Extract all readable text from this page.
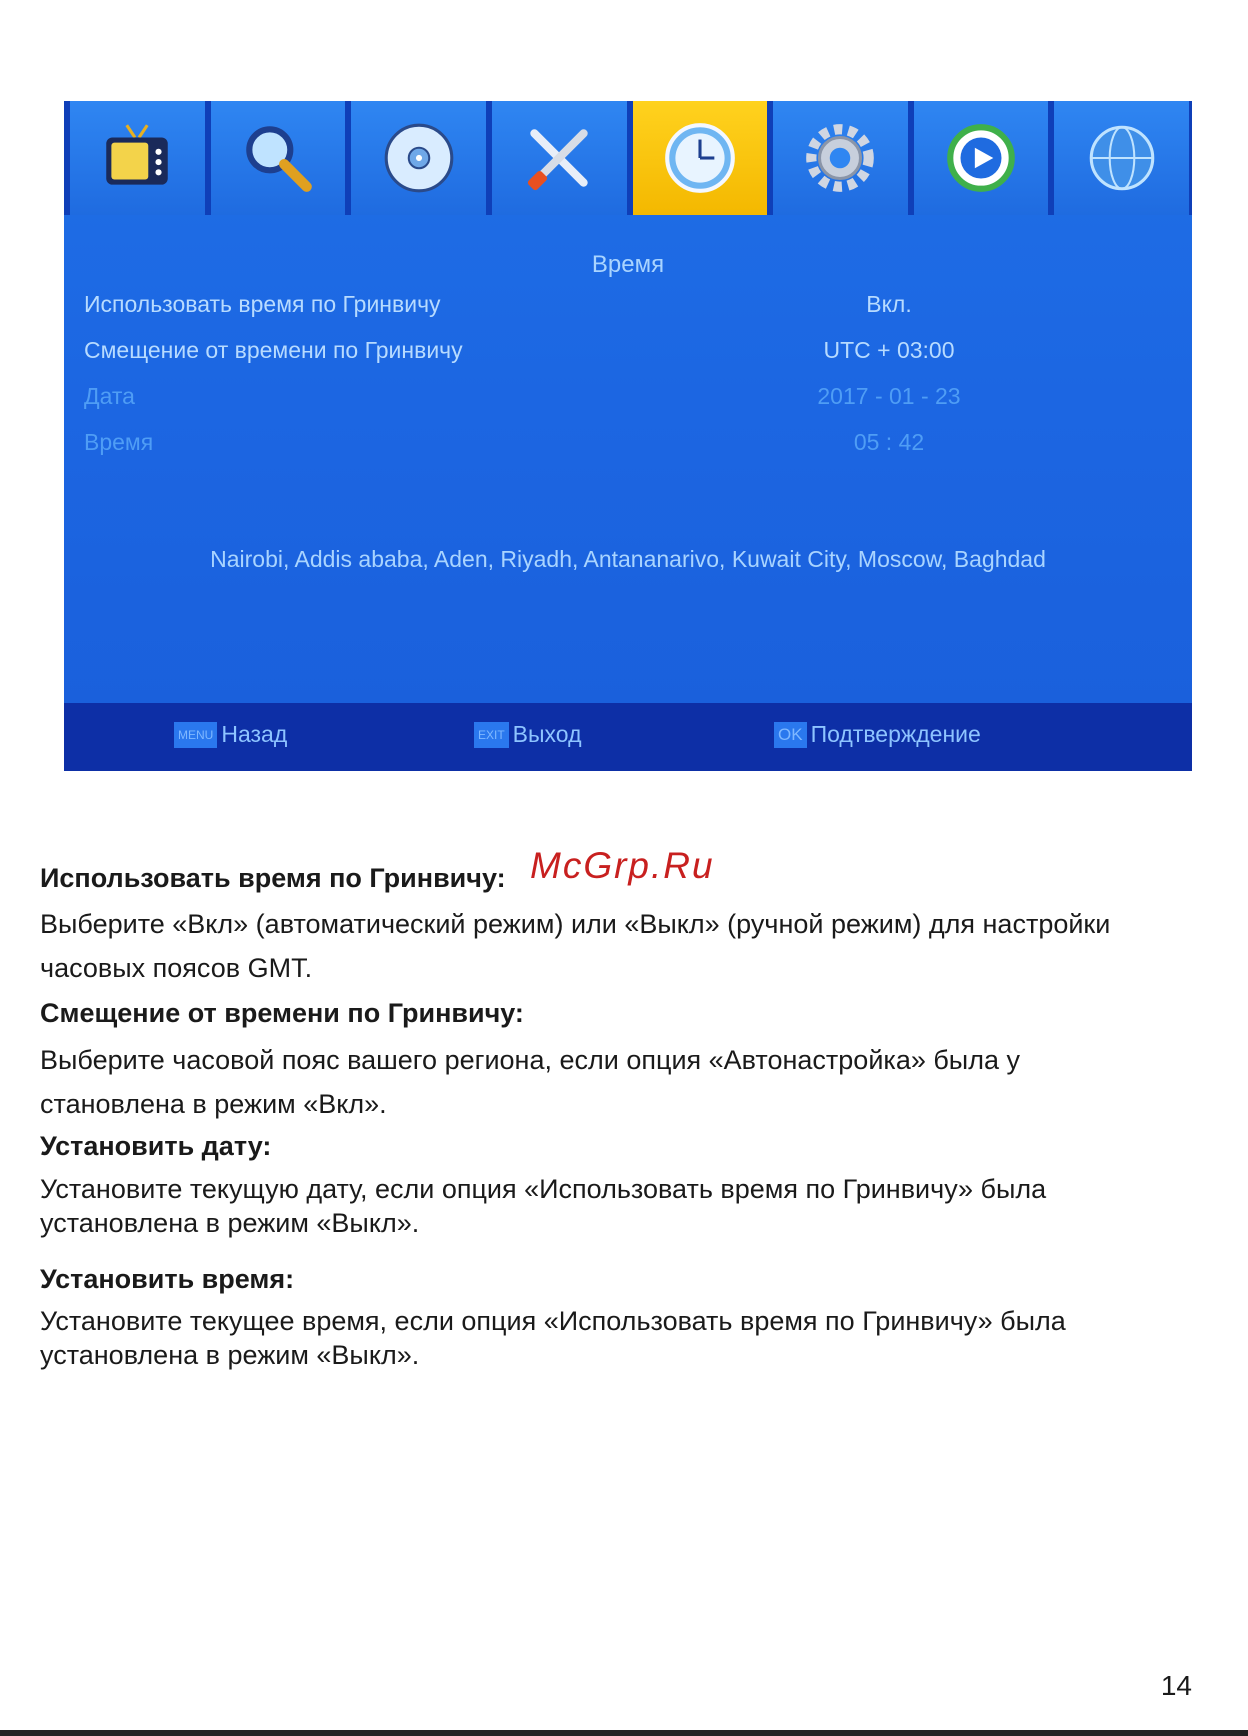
Время
Использовать время по Гринвичу	Вкл.
Смещение от времени по Гринвичу	UTC + 03:00
Дата	2017 - 01 - 23
Время	05 : 42
Nairobi, Addis ababa, Aden, Riyadh, Antananarivo, Kuwait City, Moscow, Baghdad
MENU Назад	EXIT Выход	OK Подтверждение
McGrp.Ru
Использовать время по Гринвичу:
Выберите «Вкл» (автоматический режим) или «Выкл» (ручной режим) для настройки
часовых поясов GMT.
Смещение от времени по Гринвичу:
Выберите часовой пояс вашего региона, если опция «Автонастройка» была у
становлена в режим «Вкл».
Установить дату:
Установите текущую дату, если опция «Использовать время по Гринвичу» была
установлена в режим «Выкл».
Установить время:
Установите текущее время, если опция «Использовать время по Гринвичу» была
установлена в режим «Выкл».
14
